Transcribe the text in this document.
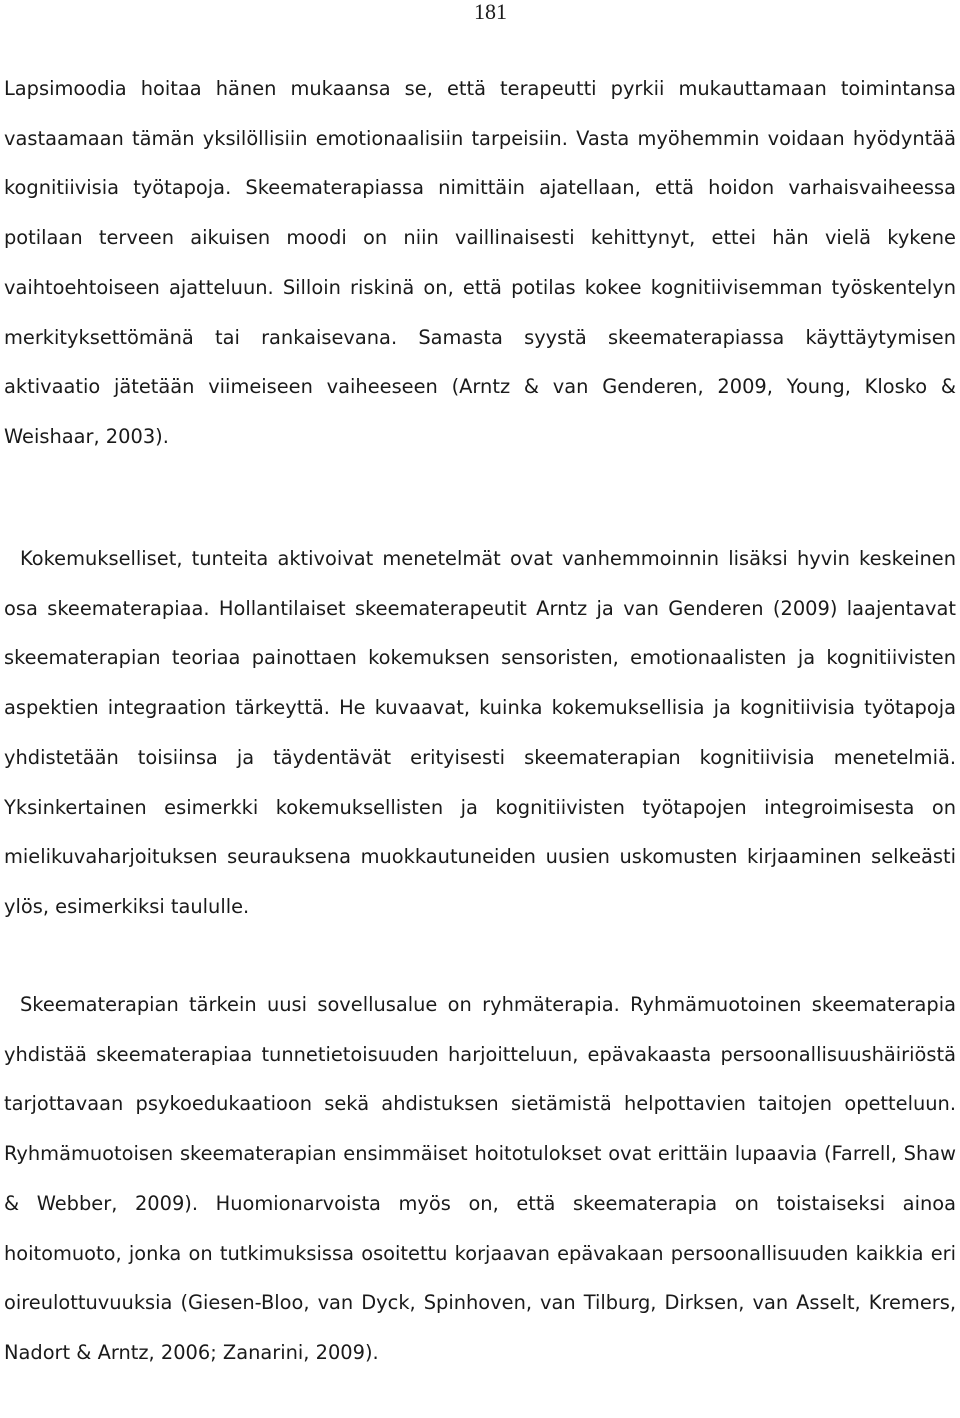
181

Lapsimoodia hoitaa hänen mukaansa se, että terapeutti pyrkii mukauttamaan toimintansa vastaamaan tämän yksilöllisiin emotionaalisiin tarpeisiin. Vasta myöhemmin voidaan hyödyntää kognitiivisia työtapoja. Skeematerapiassa nimittäin ajatellaan, että hoidon varhaisvaiheessa potilaan terveen aikuisen moodi on niin vaillinaisesti kehittynyt, ettei hän vielä kykene vaihtoehtoiseen ajatteluun. Silloin riskinä on, että potilas kokee kognitiivisemman työskentelyn merkityksettömänä tai rankaisevana. Samasta syystä skeematerapiassa käyttäytymisen aktivaatio jätetään viimeiseen vaiheeseen (Arntz & van Genderen, 2009, Young, Klosko & Weishaar, 2003).

Kokemukselliset, tunteita aktivoivat menetelmät ovat vanhemmoinnin lisäksi hyvin keskeinen osa skeematerapiaa. Hollantilaiset skeematerapeutit Arntz ja van Genderen (2009) laajentavat skeematerapian teoriaa painottaen kokemuksen sensoristen, emotionaalisten ja kognitiivisten aspektien integraation tärkeyttä. He kuvaavat, kuinka kokemuksellisia ja kognitiivisia työtapoja yhdistetään toisiinsa ja täydentävät erityisesti skeematerapian kognitiivisia menetelmiä. Yksinkertainen esimerkki kokemuksellisten ja kognitiivisten työtapojen integroimisesta on mielikuvaharjoituksen seurauksena muokkautuneiden uusien uskomusten kirjaaminen selkeästi ylös, esimerkiksi taululle.

Skeematerapian tärkein uusi sovellusalue on ryhmäterapia. Ryhmämuotoinen skeematerapia yhdistää skeematerapiaa tunnetietoisuuden harjoitteluun, epävakaasta persoonallisuushäiriöstä tarjottavaan psykoedukaatioon sekä ahdistuksen sietämistä helpottavien taitojen opetteluun. Ryhmämuotoisen skeematerapian ensimmäiset hoitotulokset ovat erittäin lupaavia (Farrell, Shaw & Webber, 2009). Huomionarvoista myös on, että skeematerapia on toistaiseksi ainoa hoitomuoto, jonka on tutkimuksissa osoitettu korjaavan epävakaan persoonallisuuden kaikkia eri oireulottuvuuksia (Giesen-Bloo, van Dyck, Spinhoven, van Tilburg, Dirksen, van Asselt, Kremers, Nadort & Arntz, 2006; Zanarini, 2009).
